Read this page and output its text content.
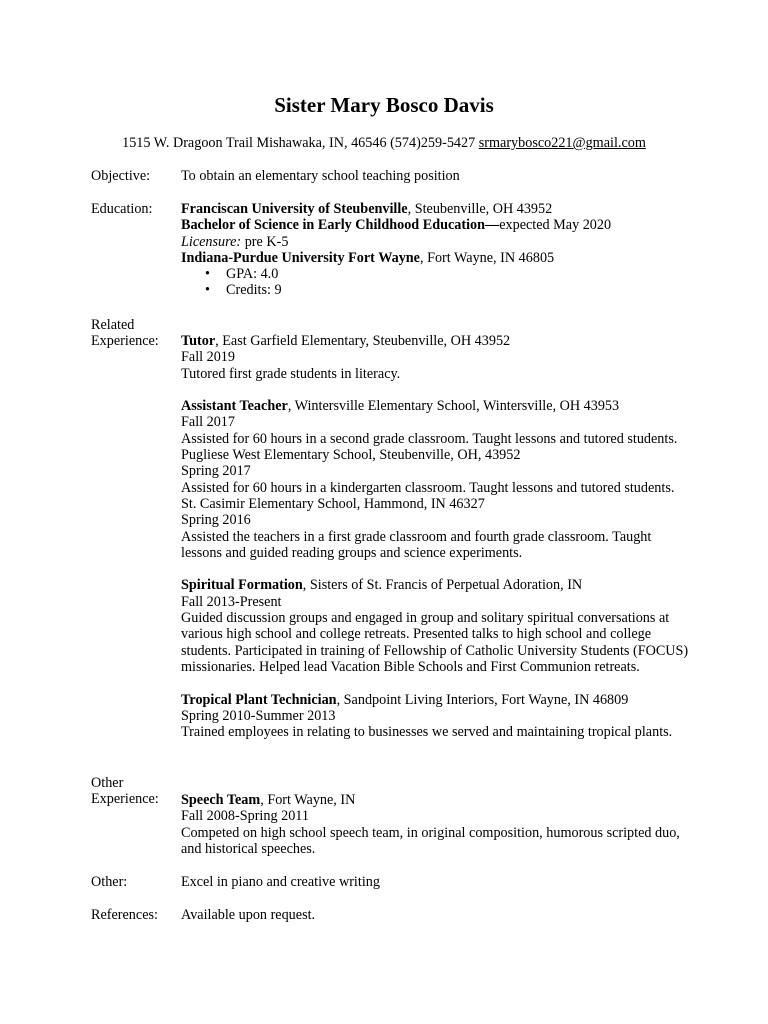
Sister Mary Bosco Davis
1515 W. Dragoon Trail Mishawaka, IN, 46546 (574)259-5427 srmarybosco221@gmail.com
Objective: To obtain an elementary school teaching position
Education: Franciscan University of Steubenville, Steubenville, OH 43952
Bachelor of Science in Early Childhood Education—expected May 2020
Licensure: pre K-5
Indiana-Purdue University Fort Wayne, Fort Wayne, IN 46805
•	GPA: 4.0
•	Credits: 9
Related
Experience: Tutor, East Garfield Elementary, Steubenville, OH 43952
Fall 2019
Tutored first grade students in literacy.
Assistant Teacher, Wintersville Elementary School, Wintersville, OH 43953
Fall 2017
Assisted for 60 hours in a second grade classroom. Taught lessons and tutored students.
Pugliese West Elementary School, Steubenville, OH, 43952
Spring 2017
Assisted for 60 hours in a kindergarten classroom. Taught lessons and tutored students.
St. Casimir Elementary School, Hammond, IN 46327
Spring 2016
Assisted the teachers in a first grade classroom and fourth grade classroom. Taught
lessons and guided reading groups and science experiments.
Spiritual Formation, Sisters of St. Francis of Perpetual Adoration, IN
Fall 2013-Present
Guided discussion groups and engaged in group and solitary spiritual conversations at
various high school and college retreats. Presented talks to high school and college
students. Participated in training of Fellowship of Catholic University Students (FOCUS)
missionaries. Helped lead Vacation Bible Schools and First Communion retreats.
Tropical Plant Technician, Sandpoint Living Interiors, Fort Wayne, IN 46809
Spring 2010-Summer 2013
Trained employees in relating to businesses we served and maintaining tropical plants.
Other
Experience: Speech Team, Fort Wayne, IN
Fall 2008-Spring 2011
Competed on high school speech team, in original composition, humorous scripted duo,
and historical speeches.
Other:	Excel in piano and creative writing
References: Available upon request.
